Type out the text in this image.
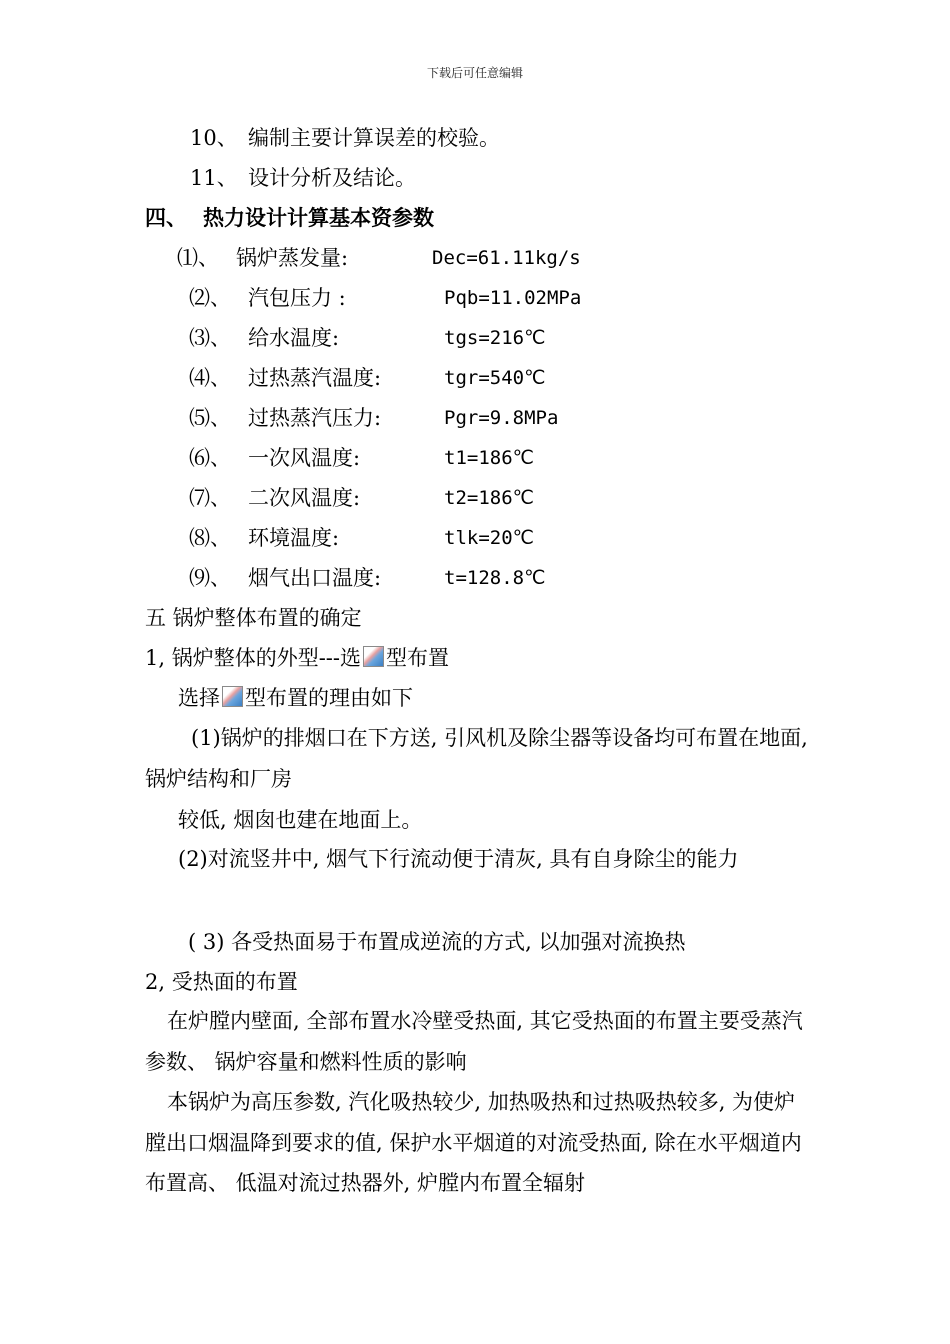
下载后可任意编辑
10、 编制主要计算误差的校验。
11、 设计分析及结论。
四、 热力设计计算基本资参数
⑴、 锅炉蒸发量:	Dec=61.11kg/s
⑵、 汽包压力 :	Pqb=11.02MPa
⑶、 给水温度:	tgs=216℃
⑷、 过热蒸汽温度:	tgr=540℃
⑸、 过热蒸汽压力:	Pgr=9.8MPa
⑹、 一次风温度:	t1=186℃
⑺、 二次风温度:	t2=186℃
⑻、 环境温度:	tlk=20℃
⑼、 烟气出口温度:	t=128.8℃
五 锅炉整体布置的确定
1, 锅炉整体的外型---选 型布置
选择 型布置的理由如下
(1)锅炉的排烟口在下方送, 引风机及除尘器等设备均可布置在地面, 锅炉结构和厂房
较低, 烟囱也建在地面上。
(2)对流竖井中, 烟气下行流动便于清灰, 具有自身除尘的能力
( 3) 各受热面易于布置成逆流的方式, 以加强对流换热
2, 受热面的布置
在炉膛内壁面, 全部布置水冷壁受热面, 其它受热面的布置主要受蒸汽参数、 锅炉容量和燃料性质的影响
本锅炉为高压参数, 汽化吸热较少, 加热吸热和过热吸热较多, 为使炉膛出口烟温降到要求的值, 保护水平烟道的对流受热面, 除在水平烟道内布置高、 低温对流过热器外, 炉膛内布置全辐射
